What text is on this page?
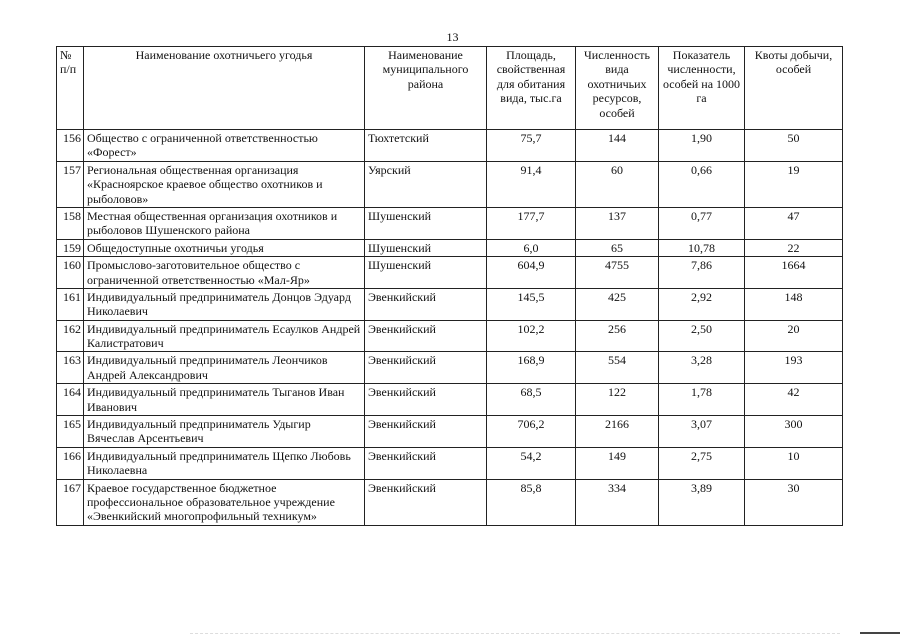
13
№ п/п	Наименование охотничьего угодья	Наименование муниципального района	Площадь, свойственная для обитания вида, тыс.га	Численность вида охотничьих ресурсов, особей	Показатель численности, особей на 1000 га	Квоты добычи, особей
156	Общество с ограниченной ответственностью «Форест»	Тюхтетский	75,7	144	1,90	50
157	Региональная общественная организация «Красноярское краевое общество охотников и рыболовов»	Уярский	91,4	60	0,66	19
158	Местная общественная организация охотников и рыболовов Шушенского района	Шушенский	177,7	137	0,77	47
159	Общедоступные охотничьи угодья	Шушенский	6,0	65	10,78	22
160	Промыслово-заготовительное общество с ограниченной ответственностью «Мал-Яр»	Шушенский	604,9	4755	7,86	1664
161	Индивидуальный предприниматель Донцов Эдуард Николаевич	Эвенкийский	145,5	425	2,92	148
162	Индивидуальный предприниматель Есаулков Андрей Калистратович	Эвенкийский	102,2	256	2,50	20
163	Индивидуальный предприниматель Леончиков Андрей Александрович	Эвенкийский	168,9	554	3,28	193
164	Индивидуальный предприниматель Тыганов Иван Иванович	Эвенкийский	68,5	122	1,78	42
165	Индивидуальный предприниматель Удыгир Вячеслав Арсентьевич	Эвенкийский	706,2	2166	3,07	300
166	Индивидуальный предприниматель Щепко Любовь Николаевна	Эвенкийский	54,2	149	2,75	10
167	Краевое государственное бюджетное профессиональное образовательное учреждение «Эвенкийский многопрофильный техникум»	Эвенкийский	85,8	334	3,89	30
